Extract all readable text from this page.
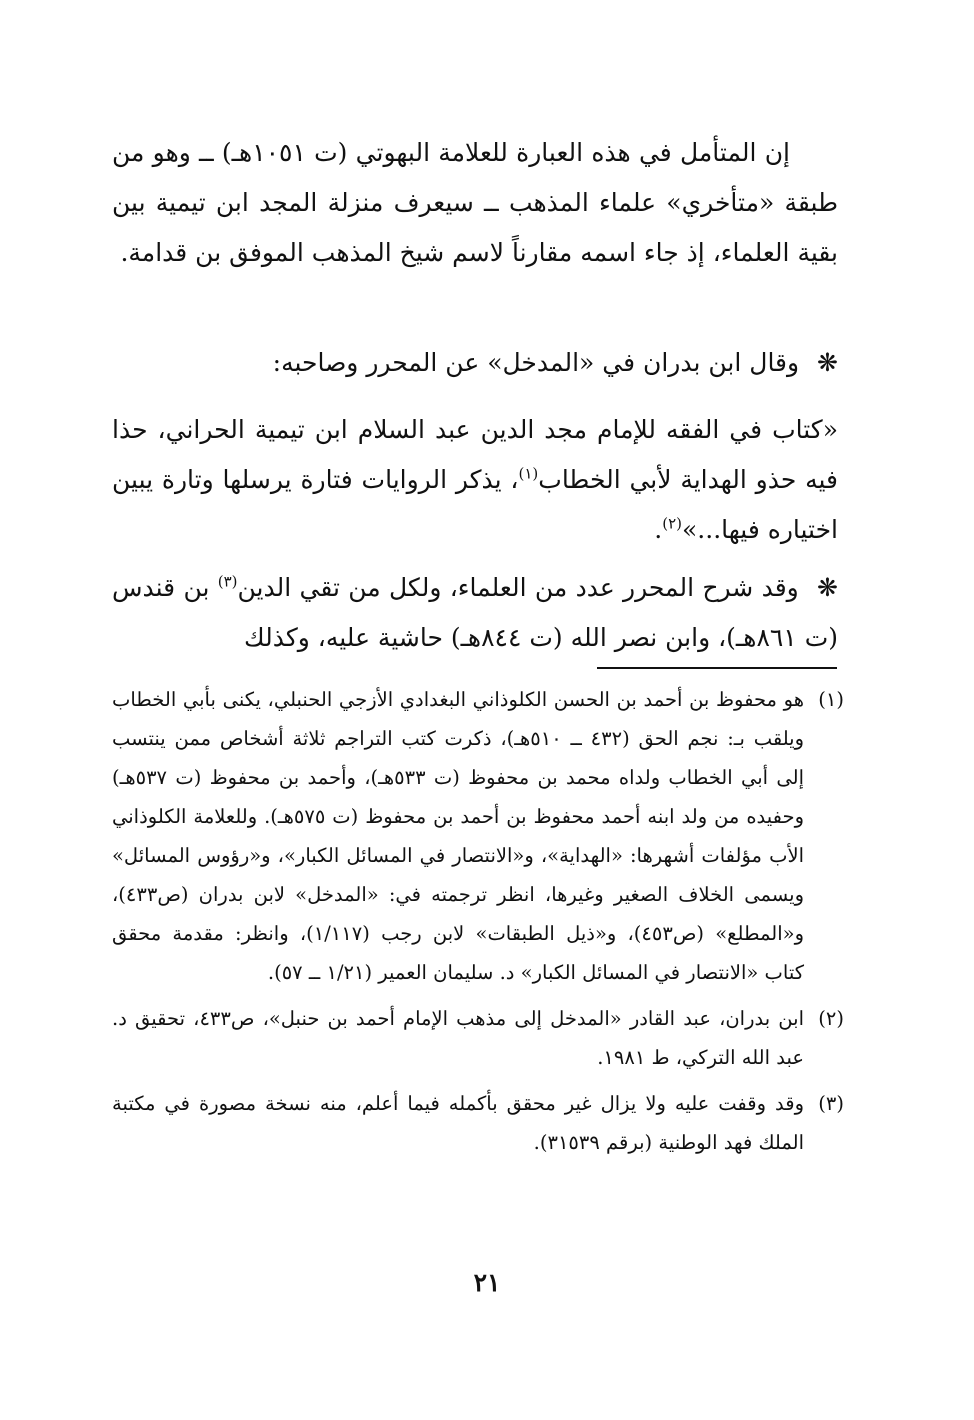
إن المتأمل في هذه العبارة للعلامة البهوتي (ت ١٠٥١هـ) ــ وهو من طبقة «متأخري» علماء المذهب ــ سيعرف منزلة المجد ابن تيمية بين بقية العلماء، إذ جاء اسمه مقارناً لاسم شيخ المذهب الموفق بن قدامة.

❋ وقال ابن بدران في «المدخل» عن المحرر وصاحبه:

«كتاب في الفقه للإمام مجد الدين عبد السلام ابن تيمية الحراني، حذا فيه حذو الهداية لأبي الخطاب$^{(١)}$، يذكر الروايات فتارة يرسلها وتارة يبين اختياره فيها...»$^{(٢)}$.

❋ وقد شرح المحرر عدد من العلماء، ولكل من تقي الدين$^{(٣)}$ بن قندس (ت ٨٦١هـ)، وابن نصر الله (ت ٨٤٤هـ) حاشية عليه، وكذلك

(١)
هو محفوظ بن أحمد بن الحسن الكلوذاني البغدادي الأزجي الحنبلي، يكنى بأبي الخطاب ويلقب بـ: نجم الحق (٤٣٢ ــ ٥١٠هـ)، ذكرت كتب التراجم ثلاثة أشخاص ممن ينتسب إلى أبي الخطاب ولداه محمد بن محفوظ (ت ٥٣٣هـ)، وأحمد بن محفوظ (ت ٥٣٧هـ) وحفيده من ولد ابنه أحمد محفوظ بن أحمد بن محفوظ (ت ٥٧٥هـ). وللعلامة الكلوذاني الأب مؤلفات أشهرها: «الهداية»، و«الانتصار في المسائل الكبار»، و«رؤوس المسائل» ويسمى الخلاف الصغير وغيرها، انظر ترجمته في: «المدخل» لابن بدران (ص٤٣٣)، و«المطلع» (ص٤٥٣)، و«ذيل الطبقات» لابن رجب (١/١١٧)، وانظر: مقدمة محقق كتاب «الانتصار في المسائل الكبار» د. سليمان العمير (١/٢١ ــ ٥٧).
(٢)
ابن بدران، عبد القادر «المدخل إلى مذهب الإمام أحمد بن حنبل»، ص٤٣٣، تحقيق د. عبد الله التركي، ط ١٩٨١.
(٣)
وقد وقفت عليه ولا يزال غير محقق بأكمله فيما أعلم، منه نسخة مصورة في مكتبة الملك فهد الوطنية (برقم ٣١٥٣٩).
٢١
